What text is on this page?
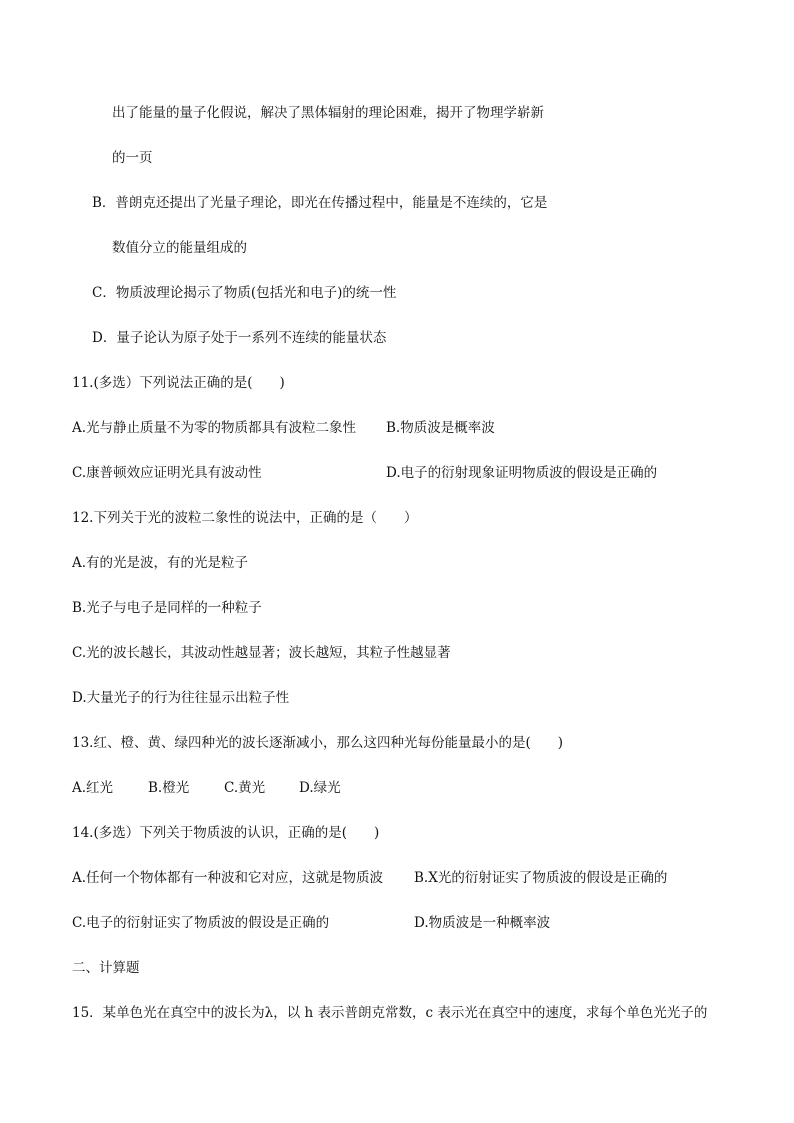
出了能量的量子化假说，解决了黑体辐射的理论困难，揭开了物理学崭新
的一页
B．普朗克还提出了光量子理论，即光在传播过程中，能量是不连续的，它是
数值分立的能量组成的
C．物质波理论揭示了物质(包括光和电子)的统一性
D．量子论认为原子处于一系列不连续的能量状态
11.(多选）下列说法正确的是(　　)
A.光与静止质量不为零的物质都具有波粒二象性 B.物质波是概率波
C.康普顿效应证明光具有波动性	D.电子的衍射现象证明物质波的假设是正确的
12.下列关于光的波粒二象性的说法中，正确的是（　　）
A.有的光是波，有的光是粒子
B.光子与电子是同样的一种粒子
C.光的波长越长，其波动性越显著；波长越短，其粒子性越显著
D.大量光子的行为往往显示出粒子性
13.红、橙、黄、绿四种光的波长逐渐减小，那么这四种光每份能量最小的是(　　)
A.红光	B.橙光	C.黄光	D.绿光
14.(多选）下列关于物质波的认识，正确的是(　　)
A.任何一个物体都有一种波和它对应，这就是物质波 B.X光的衍射证实了物质波的假设是正确的
C.电子的衍射证实了物质波的假设是正确的	D.物质波是一种概率波
二、计算题
15．某单色光在真空中的波长为λ，以 h 表示普朗克常数，c 表示光在真空中的速度，求每个单色光光子的
